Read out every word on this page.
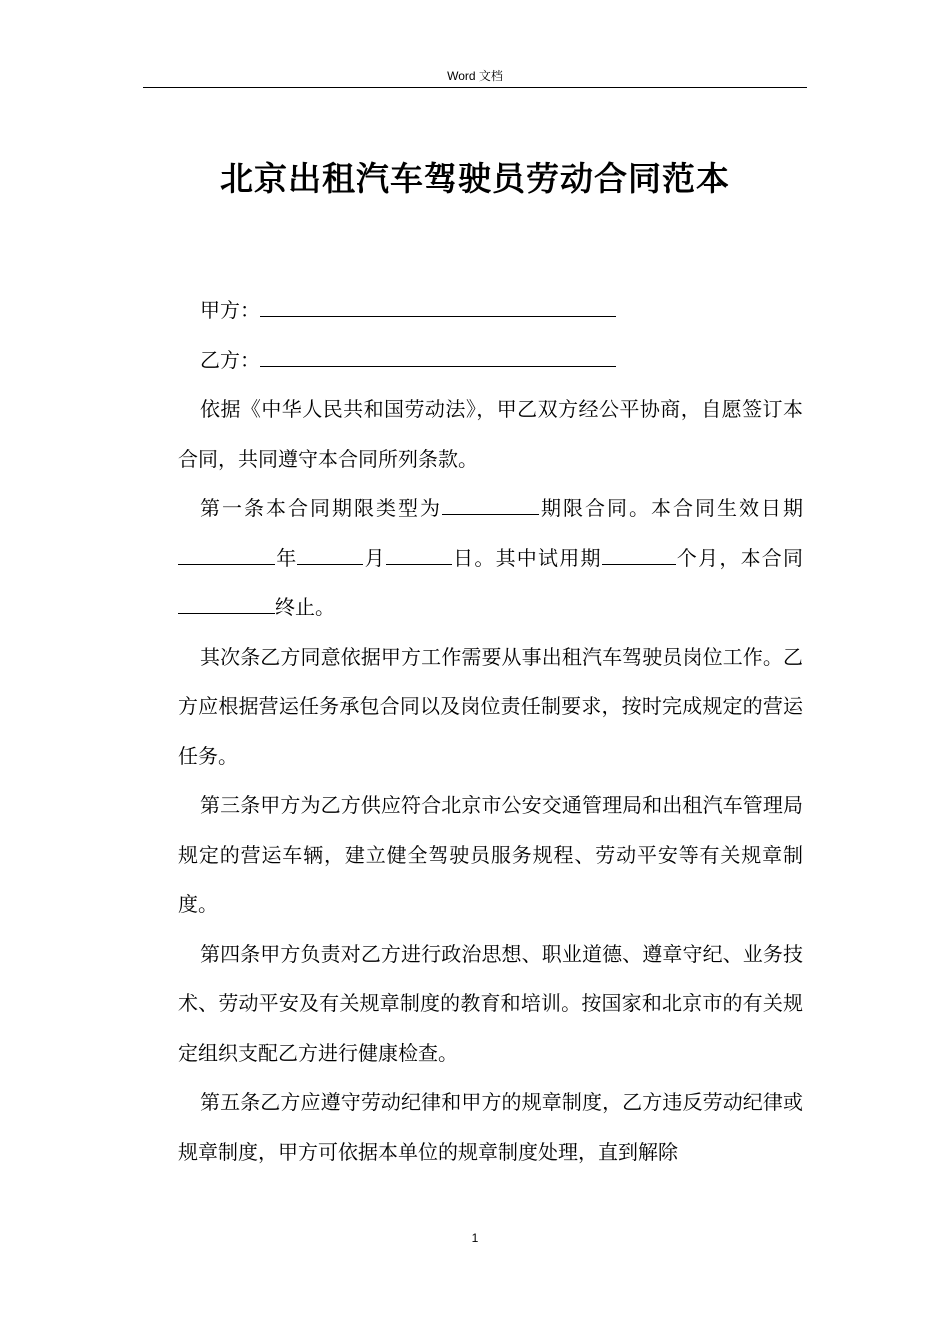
Word 文档
北京出租汽车驾驶员劳动合同范本

甲方：

乙方：

依据《中华人民共和国劳动法》，甲乙双方经公平协商，自愿签订本合同，共同遵守本合同所列条款。

第一条本合同期限类型为	期限合同。本合同生效日期年	月	日。其中试用期	个月，本合同终止。

其次条乙方同意依据甲方工作需要从事出租汽车驾驶员岗位工作。乙方应根据营运任务承包合同以及岗位责任制要求，按时完成规定的营运任务。

第三条甲方为乙方供应符合北京市公安交通管理局和出租汽车管理局规定的营运车辆，建立健全驾驶员服务规程、劳动平安等有关规章制度。

第四条甲方负责对乙方进行政治思想、职业道德、遵章守纪、业务技术、劳动平安及有关规章制度的教育和培训。按国家和北京市的有关规定组织支配乙方进行健康检查。

第五条乙方应遵守劳动纪律和甲方的规章制度，乙方违反劳动纪律或规章制度，甲方可依据本单位的规章制度处理，直到解除

1
